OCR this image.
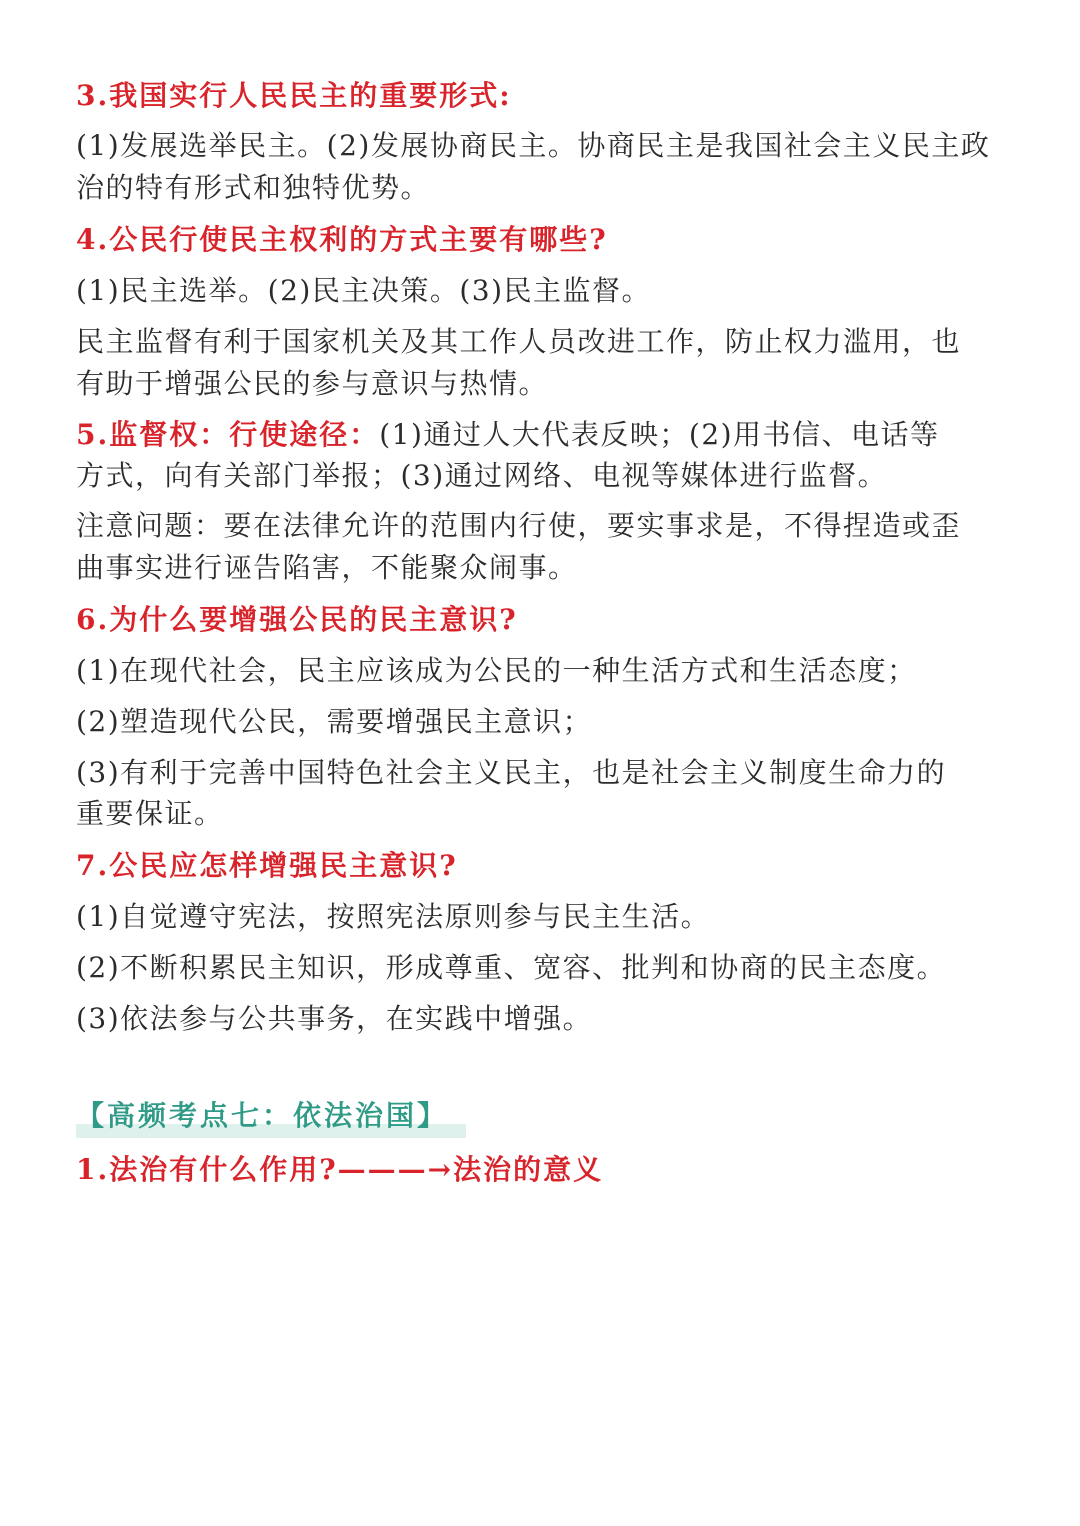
3.我国实行人民民主的重要形式:
(1)发展选举民主。(2)发展协商民主。协商民主是我国社会主义民主政
治的特有形式和独特优势。
4.公民行使民主权利的方式主要有哪些?
(1)民主选举。(2)民主决策。(3)民主监督。
民主监督有利于国家机关及其工作人员改进工作，防止权力滥用，也
有助于增强公民的参与意识与热情。
5.监督权：行使途径：(1)通过人大代表反映；(2)用书信、电话等
方式，向有关部门举报；(3)通过网络、电视等媒体进行监督。
注意问题：要在法律允许的范围内行使，要实事求是，不得捏造或歪
曲事实进行诬告陷害，不能聚众闹事。
6.为什么要增强公民的民主意识?
(1)在现代社会，民主应该成为公民的一种生活方式和生活态度；
(2)塑造现代公民，需要增强民主意识；
(3)有利于完善中国特色社会主义民主，也是社会主义制度生命力的
重要保证。
7.公民应怎样增强民主意识?
(1)自觉遵守宪法，按照宪法原则参与民主生活。
(2)不断积累民主知识，形成尊重、宽容、批判和协商的民主态度。
(3)依法参与公共事务，在实践中增强。
【高频考点七：依法治国】
1.法治有什么作用?———→法治的意义
